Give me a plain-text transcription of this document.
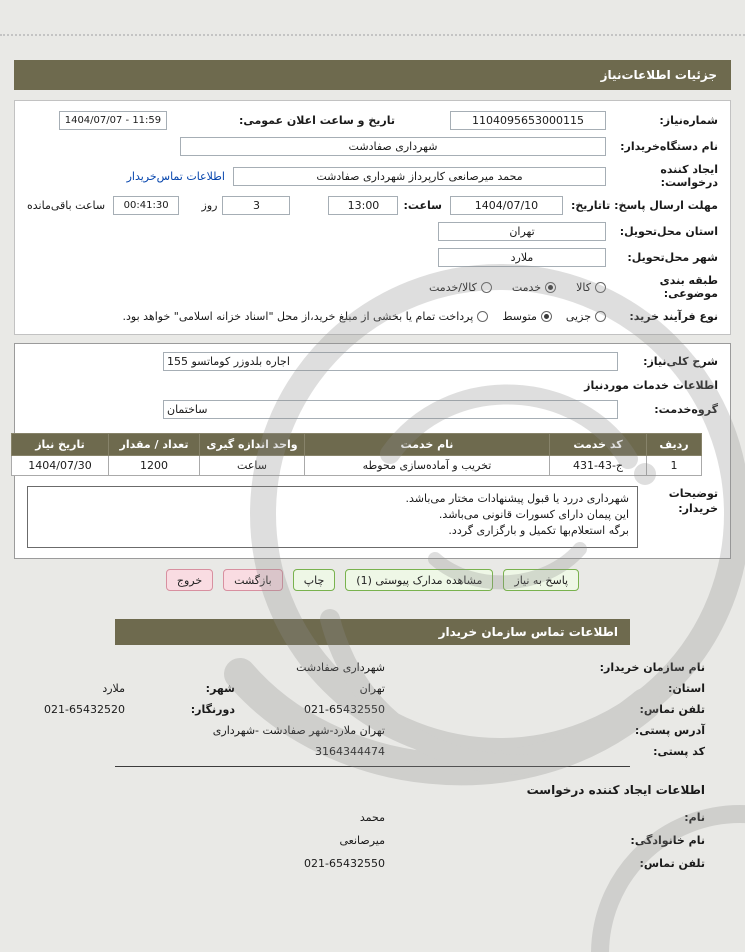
جزئیات اطلاعات‌نیاز
شماره‌نیاز:
1104095653000115
تاریخ و ساعت اعلان عمومی:
1404/07/07 - 11:59
نام دستگاه‌خریدار:
شهرداری صفادشت
ایجاد کننده درخواست:
محمد میرصانعی کارپرداز شهرداری صفادشت
اطلاعات تماس‌خریدار
مهلت ارسال پاسخ: تاتاریخ:
1404/07/10
ساعت:
13:00
3
روز
00:41:30
ساعت باقی‌مانده
استان محل‌تحویل:
تهران
شهر محل‌تحویل:
ملارد
طبقه بندی موضوعی:
کالا
خدمت
کالا/خدمت
نوع فرآیند خرید:
جزیی
متوسط
پرداخت تمام یا بخشی از مبلغ خرید،از محل "اسناد خزانه اسلامی" خواهد بود.
شرح کلی‌نیاز:
اجاره بلدوزر کوماتسو 155
اطلاعات خدمات موردنیاز
گروه‌خدمت:
ساختمان
ردیف	کد خدمت	نام خدمت	واحد اندازه گیری	تعداد / مقدار	تاریخ نیاز
1	ج-43-431	تخریب و آماده‌سازی محوطه	ساعت	1200	1404/07/30
توضیحات خریدار:
شهرداری دررد یا قبول پیشنهادات مختار می‌باشد.
این پیمان دارای کسورات قانونی می‌باشد.
برگه استعلام‌بها تکمیل و بارگزاری گردد.
پاسخ به نیاز
مشاهده مدارک پیوستی (1)
چاپ
بازگشت
خروج
اطلاعات تماس سازمان خریدار
نام سازمان خریدار:
شهرداری صفادشت
استان:
تهران
شهر:
ملارد
تلفن تماس:
021-65432550
دورنگار:
021-65432520
آدرس پستی:
تهران ملارد-شهر صفادشت -شهرداری
کد پستی:
3164344474
اطلاعات ایجاد کننده درخواست
نام:
محمد
نام خانوادگی:
میرصانعی
تلفن تماس:
021-65432550
